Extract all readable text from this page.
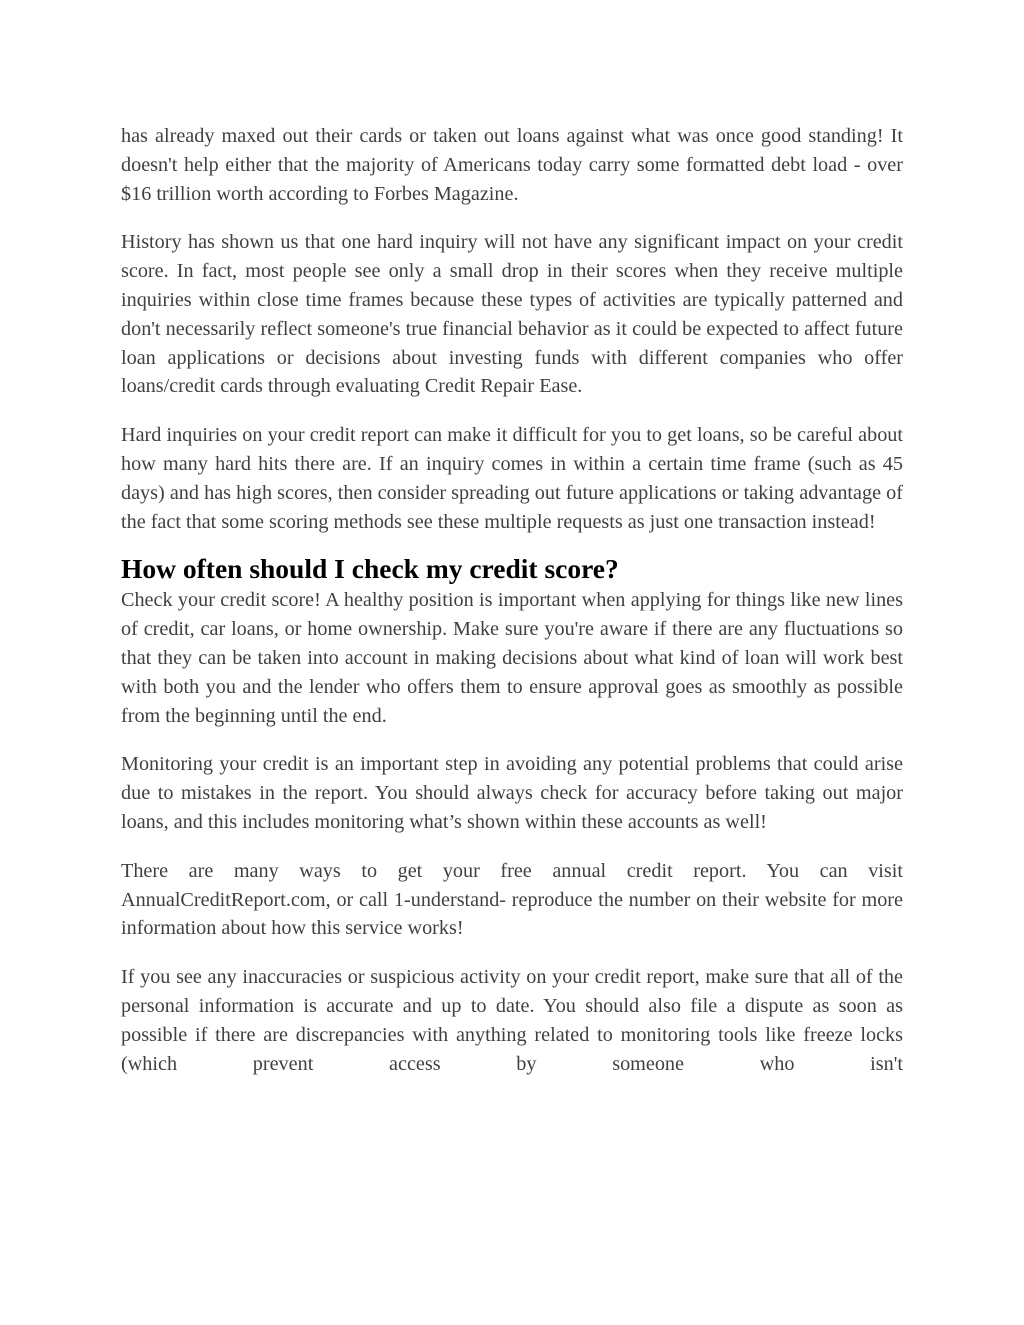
has already maxed out their cards or taken out loans against what was once good standing! It doesn't help either that the majority of Americans today carry some formatted debt load - over $16 trillion worth according to Forbes Magazine.

History has shown us that one hard inquiry will not have any significant impact on your credit score. In fact, most people see only a small drop in their scores when they receive multiple inquiries within close time frames because these types of activities are typically patterned and don't necessarily reflect someone's true financial behavior as it could be expected to affect future loan applications or decisions about investing funds with different companies who offer loans/credit cards through evaluating Credit Repair Ease.

Hard inquiries on your credit report can make it difficult for you to get loans, so be careful about how many hard hits there are. If an inquiry comes in within a certain time frame (such as 45 days) and has high scores, then consider spreading out future applications or taking advantage of the fact that some scoring methods see these multiple requests as just one transaction instead!

How often should I check my credit score?

Check your credit score! A healthy position is important when applying for things like new lines of credit, car loans, or home ownership. Make sure you're aware if there are any fluctuations so that they can be taken into account in making decisions about what kind of loan will work best with both you and the lender who offers them to ensure approval goes as smoothly as possible from the beginning until the end.

Monitoring your credit is an important step in avoiding any potential problems that could arise due to mistakes in the report. You should always check for accuracy before taking out major loans, and this includes monitoring what’s shown within these accounts as well!

There are many ways to get your free annual credit report. You can visit AnnualCreditReport.com, or call 1-understand- reproduce the number on their website for more information about how this service works!

If you see any inaccuracies or suspicious activity on your credit report, make sure that all of the personal information is accurate and up to date. You should also file a dispute as soon as possible if there are discrepancies with anything related to monitoring tools like freeze locks (which prevent access by someone who isn't
